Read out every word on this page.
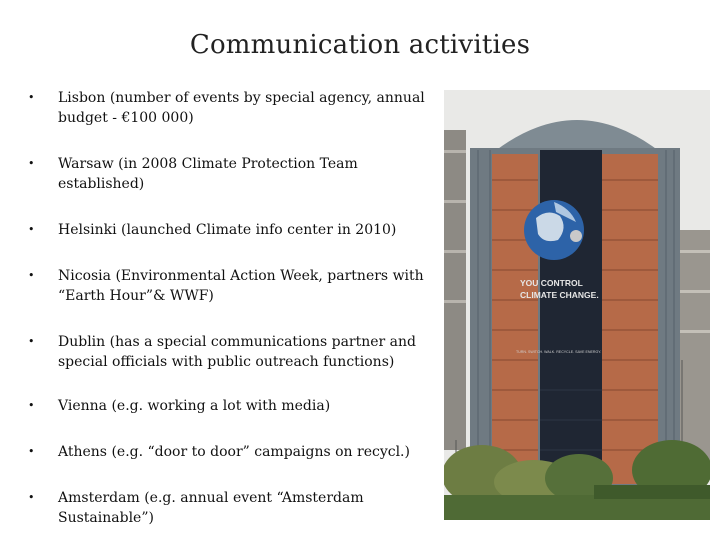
Communication activities
•	Lisbon (number of events by special agency, annual budget - €100 000)
•	Warsaw (in 2008 Climate Protection Team established)
•	Helsinki (launched Climate info center in 2010)
•	Nicosia (Environmental Action Week, partners with “Earth Hour”& WWF)
•	Dublin (has a special communications partner and special officials with public outreach functions)
•	Vienna (e.g. working a lot with media)
•	Athens (e.g. “door to door” campaigns on recycl.)
•	Amsterdam (e.g. annual event “Amsterdam Sustainable”)
YOU CONTROL
CLIMATE CHANGE.
TURN. SWITCH. WALK. RECYCLE. SAVE ENERGY.
